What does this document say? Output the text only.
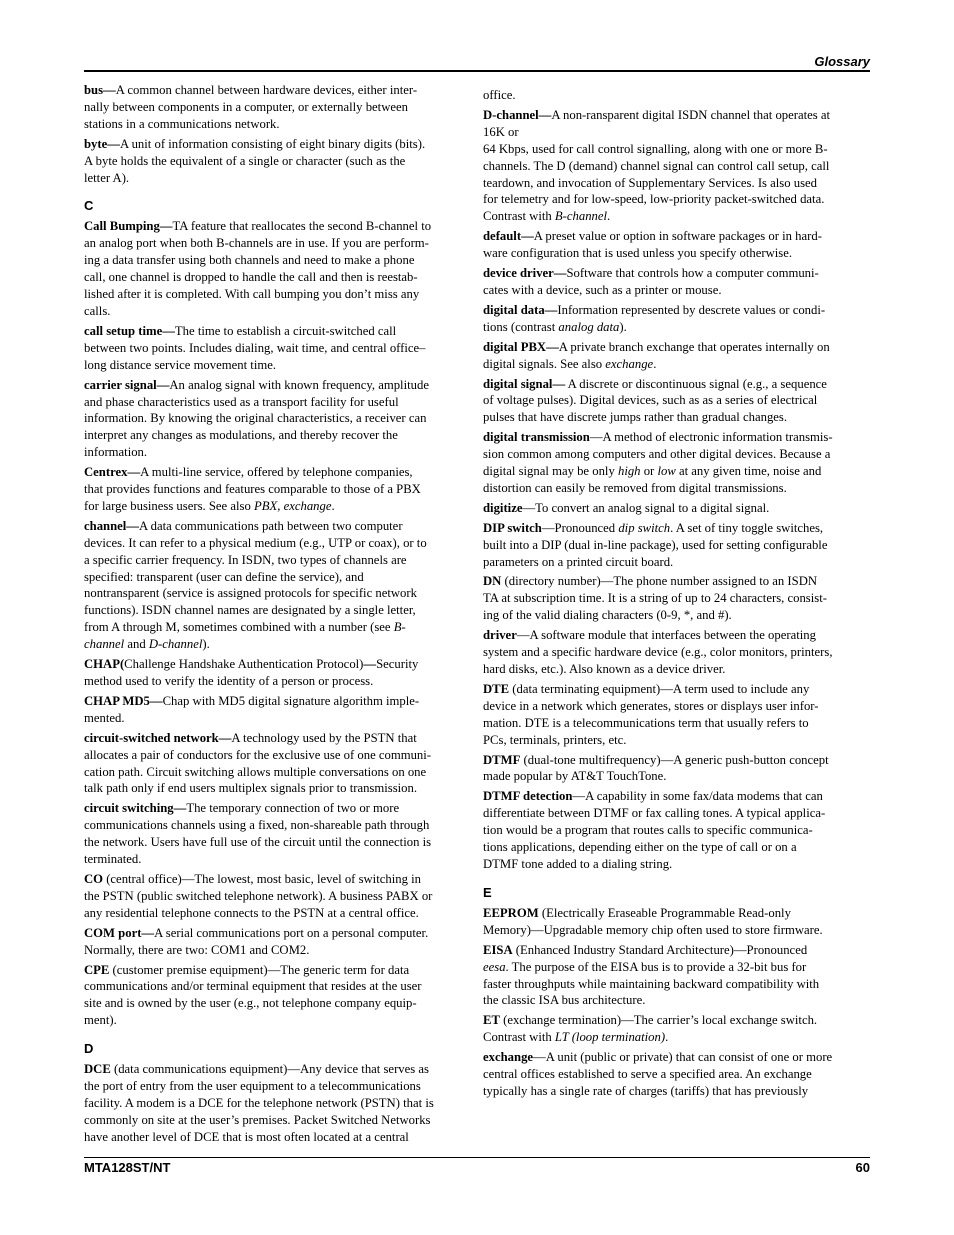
Glossary

bus—A common channel between hardware devices, either inter-
nally between components in a computer, or externally between
stations in a communications network.

byte—A unit of information consisting of eight binary digits (bits).
A byte holds the equivalent of a single or character (such as the
letter A).

C

Call Bumping—TA feature that reallocates the second B-channel to
an analog port when both B-channels are in use. If you are perform-
ing a data transfer using both channels and need to make a phone
call, one channel is dropped to handle the call and then is reestab-
lished after it is completed. With call bumping you don’t miss any
calls.

call setup time—The time to establish a circuit-switched call
between two points. Includes dialing, wait time, and central office–
long distance service movement time.

carrier signal—An analog signal with known frequency, amplitude
and phase characteristics used as a transport facility for useful
information. By knowing the original characteristics, a receiver can
interpret any changes as modulations, and thereby recover the
information.

Centrex—A multi-line service, offered by telephone companies,
that provides functions and features comparable to those of a PBX
for large business users. See also PBX, exchange.

channel—A data communications path between two computer
devices. It can refer to a physical medium (e.g., UTP or coax), or to
a specific carrier frequency. In ISDN, two types of channels are
specified: transparent (user can define the service), and
nontransparent (service is assigned protocols for specific network
functions). ISDN channel names are designated by a single letter,
from A through M, sometimes combined with a number (see B-
channel and D-channel).

CHAP(Challenge Handshake Authentication Protocol)—Security
method used to verify the identity of a person or process.

CHAP MD5—Chap with MD5 digital signature algorithm imple-
mented.

circuit-switched network—A technology used by the PSTN that
allocates a pair of conductors for the exclusive use of one communi-
cation path. Circuit switching allows multiple conversations on one
talk path only if end users multiplex signals prior to transmission.

circuit switching—The temporary connection of two or more
communications channels using a fixed, non-shareable path through
the network. Users have full use of the circuit until the connection is
terminated.

CO (central office)—The lowest, most basic, level of switching in
the PSTN (public switched telephone network). A business PABX or
any residential telephone connects to the PSTN at a central office.

COM port—A serial communications port on a personal computer.
Normally, there are two: COM1 and COM2.

CPE (customer premise equipment)—The generic term for data
communications and/or terminal equipment that resides at the user
site and is owned by the user (e.g., not telephone company equip-
ment).

D

DCE (data communications equipment)—Any device that serves as
the port of entry from the user equipment to a telecommunications
facility. A modem is a DCE for the telephone network (PSTN) that is
commonly on site at the user’s premises. Packet Switched Networks
have another level of DCE that is most often located at a central

office.

D-channel—A non-ransparent digital ISDN channel that operates at
16K or
64 Kbps, used for call control signalling, along with one or more B-
channels. The D (demand) channel signal can control call setup, call
teardown, and invocation of Supplementary Services. Is also used
for telemetry and for low-speed, low-priority packet-switched data.
Contrast with B-channel.

default—A preset value or option in software packages or in hard-
ware configuration that is used unless you specify otherwise.

device driver—Software that controls how a computer communi-
cates with a device, such as a printer or mouse.

digital data—Information represented by descrete values or condi-
tions (contrast analog data).

digital PBX—A private branch exchange that operates internally on
digital signals. See also exchange.

digital signal— A discrete or discontinuous signal (e.g., a sequence
of voltage pulses). Digital devices, such as as a series of electrical
pulses that have discrete jumps rather than gradual changes.

digital transmission—A method of electronic information transmis-
sion common among computers and other digital devices. Because a
digital signal may be only high or low at any given time, noise and
distortion can easily be removed from digital transmissions.

digitize—To convert an analog signal to a digital signal.

DIP switch—Pronounced dip switch. A set of tiny toggle switches,
built into a DIP (dual in-line package), used for setting configurable
parameters on a printed circuit board.

DN (directory number)—The phone number assigned to an ISDN
TA at subscription time. It is a string of up to 24 characters, consist-
ing of the valid dialing characters (0-9, *, and #).

driver—A software module that interfaces between the operating
system and a specific hardware device (e.g., color monitors, printers,
hard disks, etc.). Also known as a device driver.

DTE (data terminating equipment)—A term used to include any
device in a network which generates, stores or displays user infor-
mation. DTE is a telecommunications term that usually refers to
PCs, terminals, printers, etc.

DTMF (dual-tone multifrequency)—A generic push-button concept
made popular by AT&T TouchTone.

DTMF detection—A capability in some fax/data modems that can
differentiate between DTMF or fax calling tones. A typical applica-
tion would be a program that routes calls to specific communica-
tions applications, depending either on the type of call or on a
DTMF tone added to a dialing string.

E

EEPROM (Electrically Eraseable Programmable Read-only
Memory)—Upgradable memory chip often used to store firmware.

EISA (Enhanced Industry Standard Architecture)—Pronounced
eesa. The purpose of the EISA bus is to provide a 32-bit bus for
faster throughputs while maintaining backward compatibility with
the classic ISA bus architecture.

ET (exchange termination)—The carrier’s local exchange switch.
Contrast with LT (loop termination).

exchange—A unit (public or private) that can consist of one or more
central offices established to serve a specified area. An exchange
typically has a single rate of charges (tariffs) that has previously

MTA128ST/NT	60
